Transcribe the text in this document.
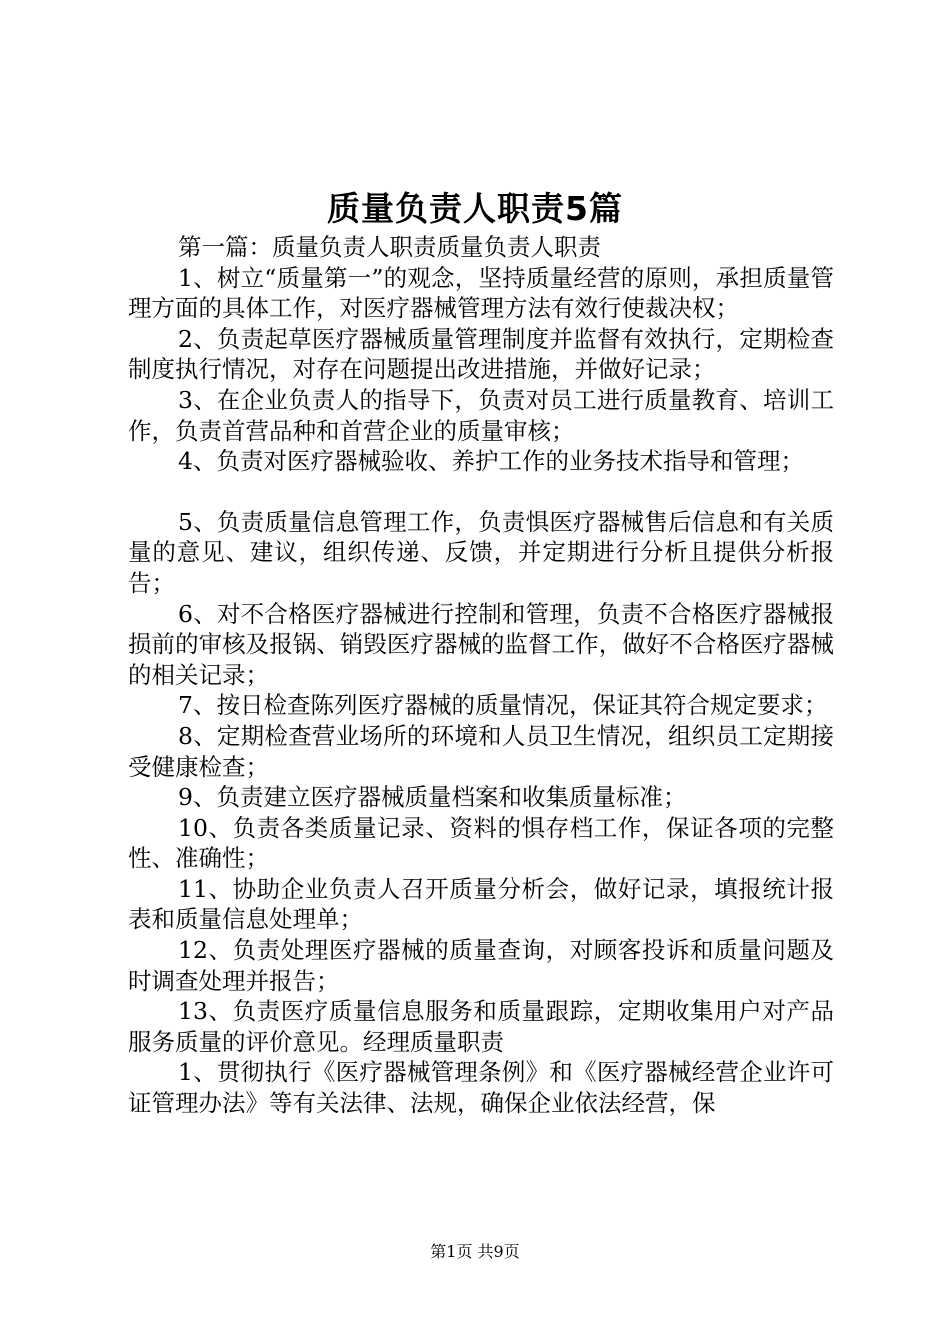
质量负责人职责5篇

第一篇：质量负责人职责质量负责人职责

1、树立“质量第一”的观念，坚持质量经营的原则，承担质量管理方面的具体工作，对医疗器械管理方法有效行使裁决权；

2、负责起草医疗器械质量管理制度并监督有效执行，定期检查制度执行情况，对存在问题提出改进措施，并做好记录；

3、在企业负责人的指导下，负责对员工进行质量教育、培训工作，负责首营品种和首营企业的质量审核；

4、负责对医疗器械验收、养护工作的业务技术指导和管理；

5、负责质量信息管理工作，负责惧医疗器械售后信息和有关质量的意见、建议，组织传递、反馈，并定期进行分析且提供分析报告；

6、对不合格医疗器械进行控制和管理，负责不合格医疗器械报损前的审核及报锅、销毁医疗器械的监督工作，做好不合格医疗器械的相关记录；

7、按日检查陈列医疗器械的质量情况，保证其符合规定要求；

8、定期检查营业场所的环境和人员卫生情况，组织员工定期接受健康检查；

9、负责建立医疗器械质量档案和收集质量标准；

10、负责各类质量记录、资料的惧存档工作，保证各项的完整性、准确性；

11、协助企业负责人召开质量分析会，做好记录，填报统计报表和质量信息处理单；

12、负责处理医疗器械的质量查询，对顾客投诉和质量问题及时调查处理并报告；

13、负责医疗质量信息服务和质量跟踪，定期收集用户对产品服务质量的评价意见。经理质量职责

1、贯彻执行《医疗器械管理条例》和《医疗器械经营企业许可证管理办法》等有关法律、法规，确保企业依法经营，保

第1页 共9页
